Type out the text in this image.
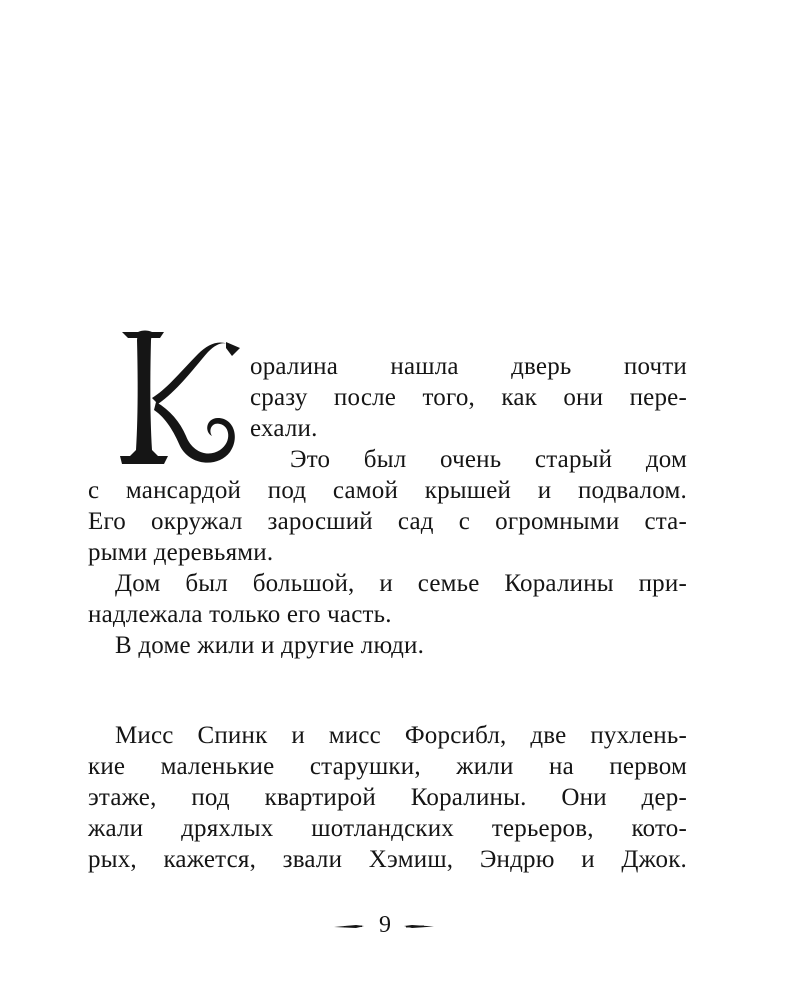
оралина нашла дверь почти
сразу после того, как они пере-
ехали.
Это был очень старый дом
с мансардой под самой крышей и подвалом.
Его окружал заросший сад с огромными ста-
рыми деревьями.
Дом был большой, и семье Коралины при-
надлежала только его часть.
В доме жили и другие люди.
Мисс Спинк и мисс Форсибл, две пухлень-
кие маленькие старушки, жили на первом
этаже, под квартирой Коралины. Они дер-
жали дряхлых шотландских терьеров, кото-
рых, кажется, звали Хэмиш, Эндрю и Джок.
9
